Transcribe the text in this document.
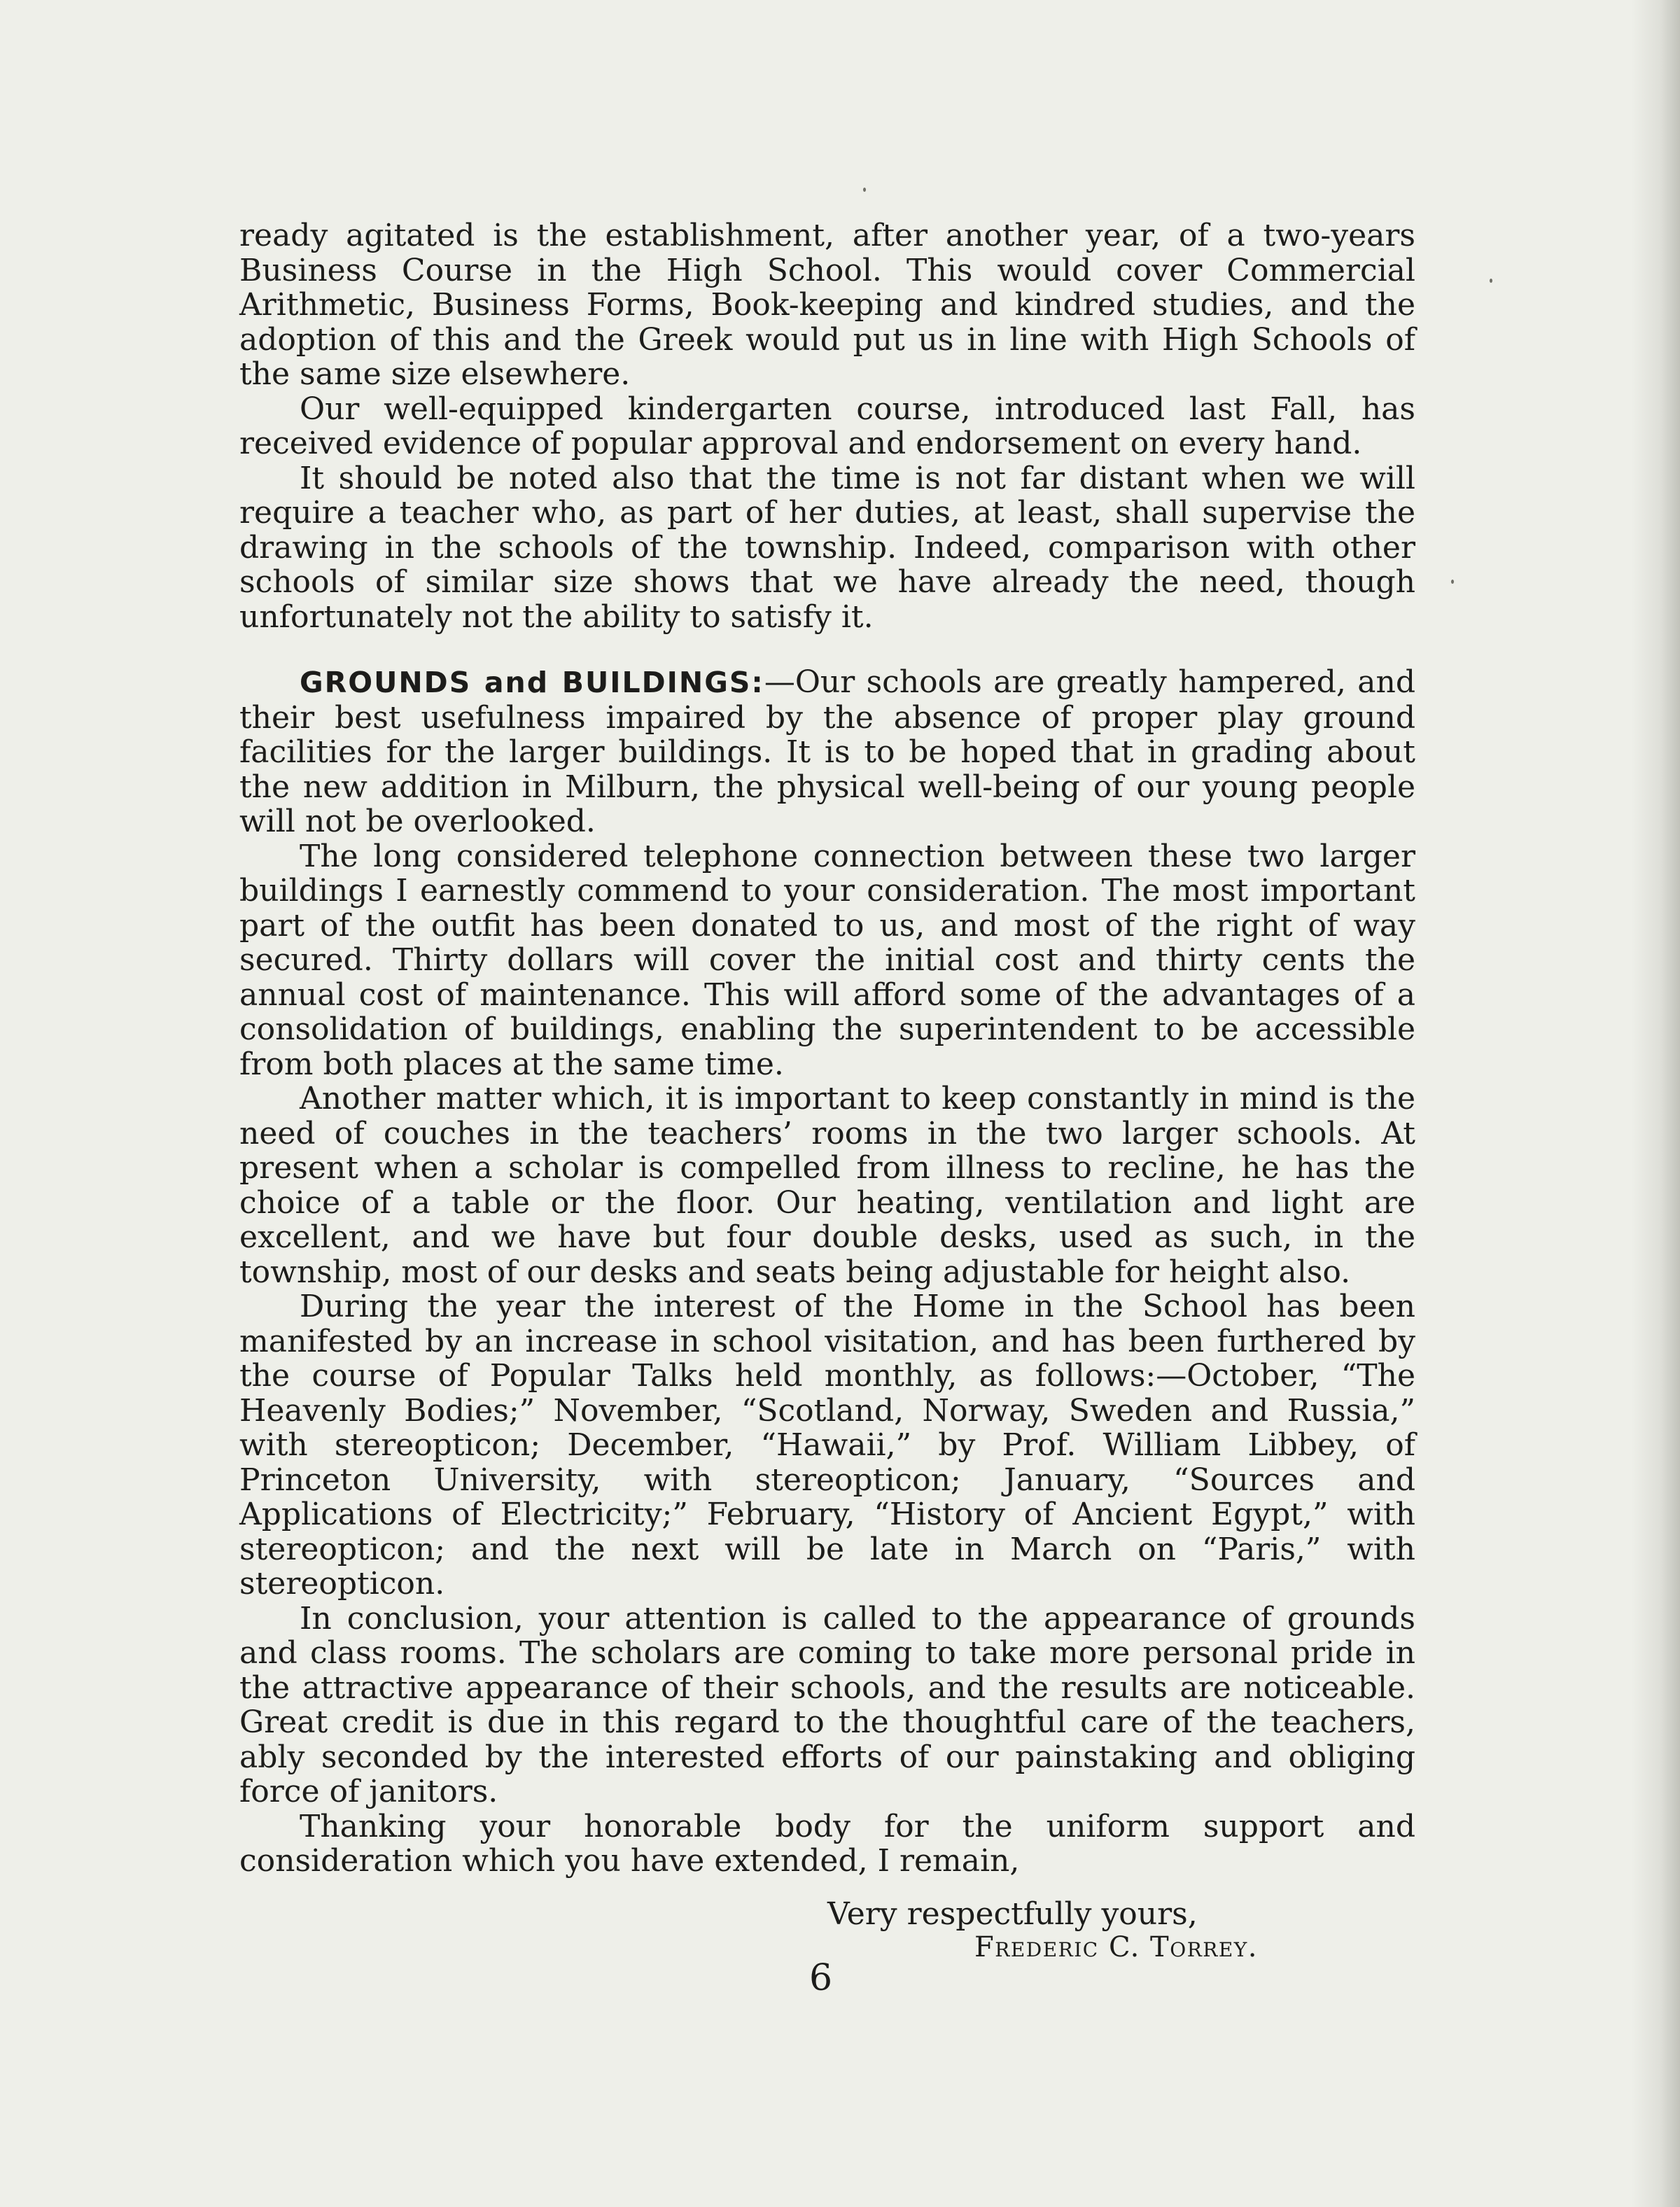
ready agitated is the establishment, after another year, of a two-years Business Course in the High School. This would cover Commercial Arithmetic, Business Forms, Book-keeping and kindred studies, and the adoption of this and the Greek would put us in line with High Schools of the same size elsewhere.

Our well-equipped kindergarten course, introduced last Fall, has received evidence of popular approval and endorsement on every hand.

It should be noted also that the time is not far distant when we will require a teacher who, as part of her duties, at least, shall supervise the drawing in the schools of the township. Indeed, comparison with other schools of similar size shows that we have already the need, though unfortunately not the ability to satisfy it.

GROUNDS and BUILDINGS:—Our schools are greatly hampered, and their best usefulness impaired by the absence of proper play ground facilities for the larger buildings. It is to be hoped that in grading about the new addition in Milburn, the physical well-being of our young people will not be overlooked.

The long considered telephone connection between these two larger buildings I earnestly commend to your consideration. The most important part of the outfit has been donated to us, and most of the right of way secured. Thirty dollars will cover the initial cost and thirty cents the annual cost of maintenance. This will afford some of the advantages of a consolidation of buildings, enabling the superintendent to be accessible from both places at the same time.

Another matter which, it is important to keep constantly in mind is the need of couches in the teachers’ rooms in the two larger schools. At present when a scholar is compelled from illness to recline, he has the choice of a table or the floor. Our heating, ventilation and light are excellent, and we have but four double desks, used as such, in the township, most of our desks and seats being adjustable for height also.

During the year the interest of the Home in the School has been manifested by an increase in school visitation, and has been furthered by the course of Popular Talks held monthly, as follows:—October, “The Heavenly Bodies;” November, “Scotland, Norway, Sweden and Russia,” with stereopticon; December, “Hawaii,” by Prof. William Libbey, of Princeton University, with stereopticon; January, “Sources and Applications of Electricity;” February, “History of Ancient Egypt,” with stereopticon; and the next will be late in March on “Paris,” with stereopticon.

In conclusion, your attention is called to the appearance of grounds and class rooms. The scholars are coming to take more personal pride in the attractive appearance of their schools, and the results are noticeable. Great credit is due in this regard to the thoughtful care of the teachers, ably seconded by the interested efforts of our painstaking and obliging force of janitors.

Thanking your honorable body for the uniform support and consideration which you have extended, I remain,

Very respectfully yours,
Frederic C. Torrey.
6
